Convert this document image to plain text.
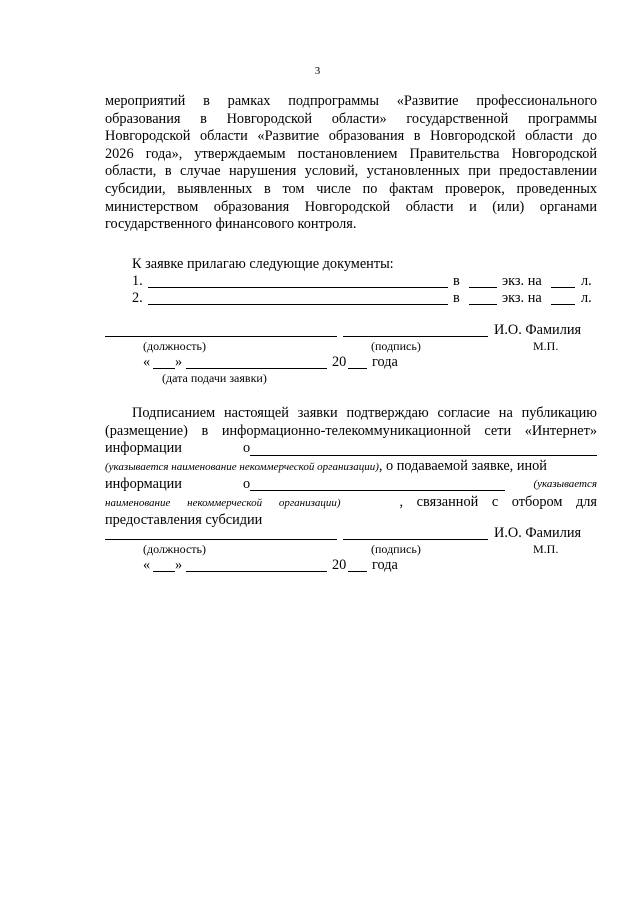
3
мероприятий в рамках подпрограммы «Развитие профессионального
образования в Новгородской области» государственной программы
Новгородской области «Развитие образования в Новгородской области до
2026 года», утверждаемым постановлением Правительства Новгородской
области, в случае нарушения условий, установленных при предоставлении
субсидии, выявленных в том числе по фактам проверок, проведенных
министерством образования Новгородской области и (или) органами
государственного финансового контроля.
К заявке прилагаю следующие документы:
1.	в	экз. на	л.
2.	в	экз. на	л.
И.О. Фамилия
(должность)	(подпись)	М.П.
« »	20 года
(дата подачи заявки)
Подписанием настоящей заявки подтверждаю согласие на публикацию
(размещение) в информационно-телекоммуникационной сети «Интернет»
информации	о
(указывается наименование некоммерческой организации), о подаваемой заявке, иной
информации	о	(указывается
наименование некоммерческой организации)	, связанной с отбором для
предоставления субсидии
И.О. Фамилия
(должность)	(подпись)	М.П.
« »	20 года
